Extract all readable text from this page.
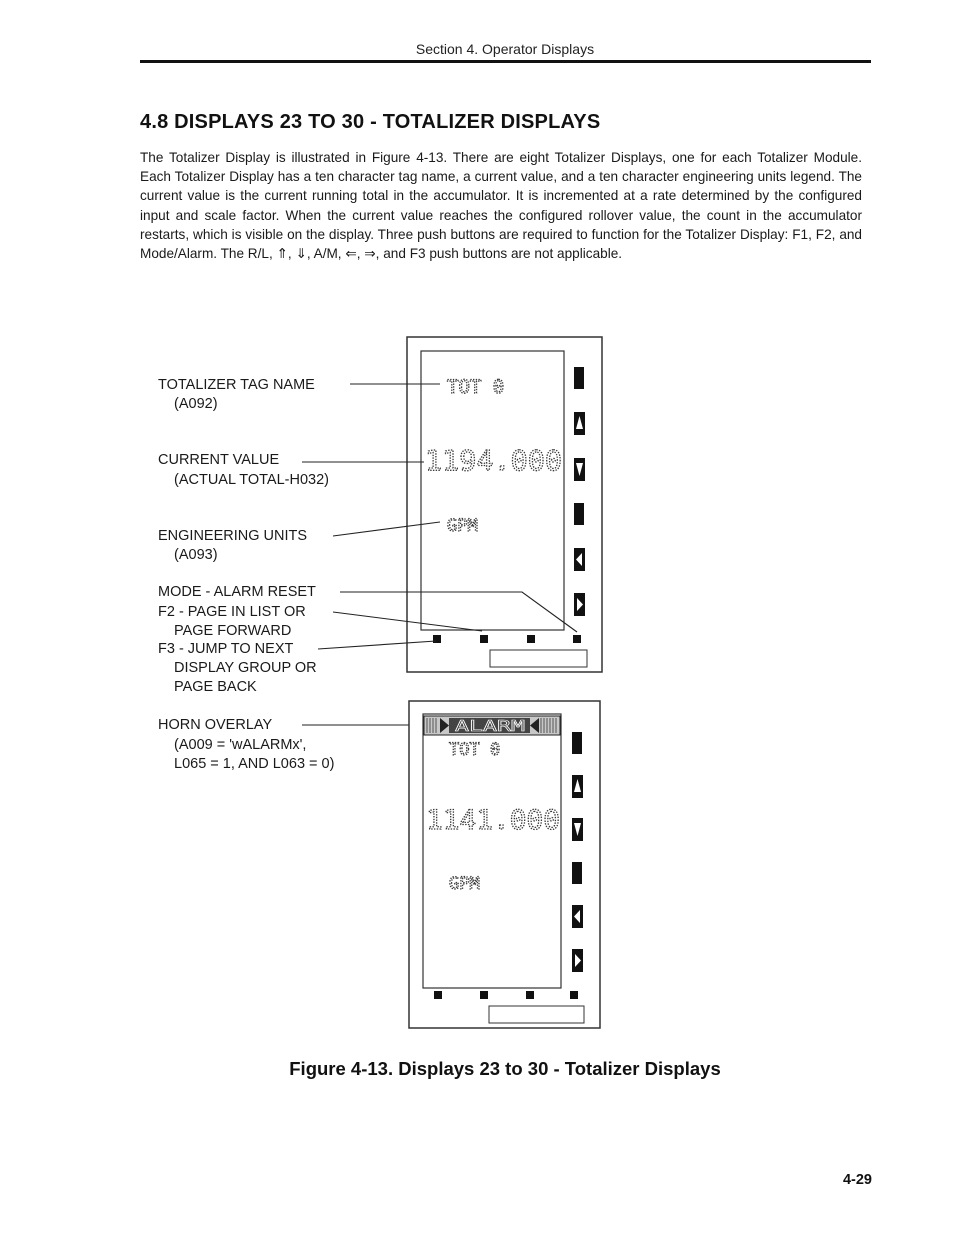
Section 4. Operator Displays
4.8 DISPLAYS 23 TO 30 - TOTALIZER DISPLAYS
The Totalizer Display is illustrated in Figure 4-13. There are eight Totalizer Displays, one for each Totalizer Module. Each Totalizer Display has a ten character tag name, a current value, and a ten character engineering units legend. The current value is the current running total in the accumulator. It is incremented at a rate determined by the configured input and scale factor. When the current value reaches the configured rollover value, the count in the accumulator restarts, which is visible on the display. Three push buttons are required to function for the Totalizer Display: F1, F2, and Mode/Alarm. The R/L, ⇑, ⇓, A/M, ⇐, ⇒, and F3 push buttons are not applicable.
TOTALIZER TAG NAME
(A092)
CURRENT VALUE
(ACTUAL TOTAL-H032)
ENGINEERING UNITS
(A093)
MODE - ALARM RESET
F2 - PAGE IN LIST OR
PAGE FORWARD
F3 - JUMP TO NEXT
DISPLAY GROUP OR
PAGE BACK
HORN OVERLAY
(A009 = 'wALARMx',
L065 = 1, AND L063 = 0)
TOT 0
1194.000
GPM
ALARM
TOT 0
1141.000
GPM
Figure 4-13. Displays 23 to 30 - Totalizer Displays
4-29
